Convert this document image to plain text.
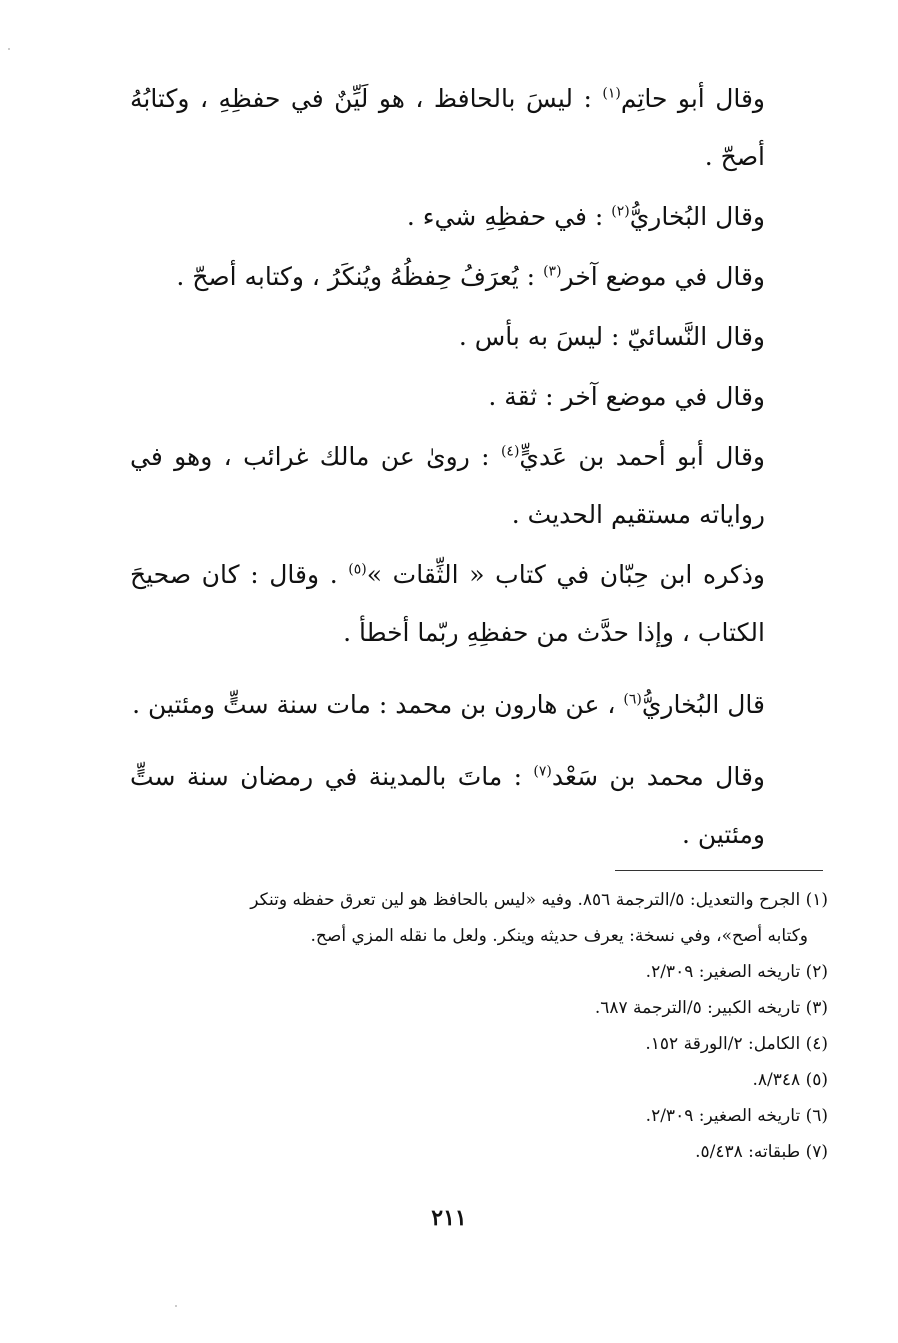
وقال أبو حاتِم$^{(١)}$ : ليسَ بالحافظ ، هو لَيِّنٌ في حفظِهِ ، وكتابُهُ أصحّ .

وقال البُخاريُّ$^{(٢)}$ : في حفظِهِ شيء .

وقال في موضع آخر$^{(٣)}$ : يُعرَفُ حِفظُهُ ويُنكَرُ ، وكتابه أصحّ .

وقال النَّسائيّ : ليسَ به بأس .

وقال في موضع آخر : ثقة .

وقال أبو أحمد بن عَديٍّ$^{(٤)}$ : روىٰ عن مالك غرائب ، وهو في رواياته مستقيم الحديث .

وذكره ابن حِبّان في كتاب « الثِّقات »$^{(٥)}$ . وقال : كان صحيحَ الكتاب ، وإذا حدَّث من حفظِهِ ربّما أخطأ .

قال البُخاريُّ$^{(٦)}$ ، عن هارون بن محمد : مات سنة ستٍّ ومئتين .

وقال محمد بن سَعْد$^{(٧)}$ : ماتَ بالمدينة في رمضان سنة ستٍّ ومئتين .

(١) الجرح والتعديل: ٥/الترجمة ٨٥٦. وفيه «ليس بالحافظ هو لين تعرق حفظه وتنكر
وكتابه أصح»، وفي نسخة: يعرف حديثه وينكر. ولعل ما نقله المزي أصح.

(٢) تاريخه الصغير: ٢/٣٠٩.

(٣) تاريخه الكبير: ٥/الترجمة ٦٨٧.

(٤) الكامل: ٢/الورقة ١٥٢.

(٥) ٨/٣٤٨.

(٦) تاريخه الصغير: ٢/٣٠٩.

(٧) طبقاته: ٥/٤٣٨.

٢١١
